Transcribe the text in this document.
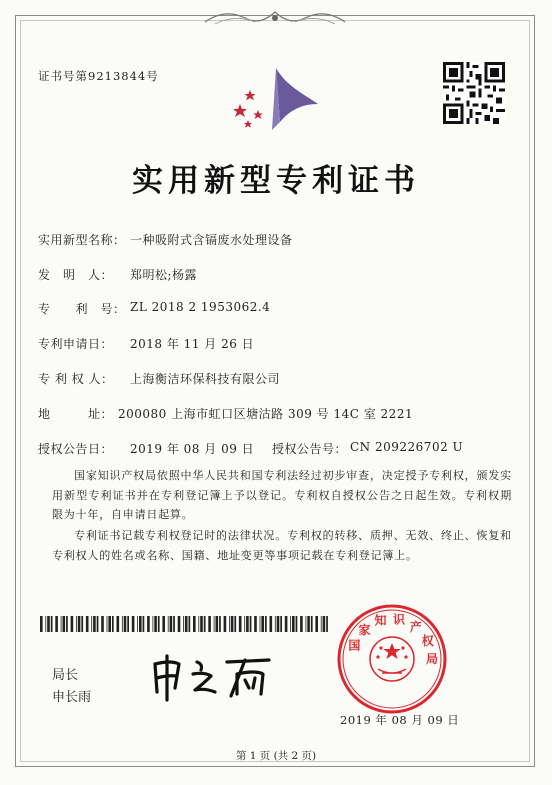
证书号第9213844号
实用新型专利证书
实用新型名称： 一种吸附式含镉废水处理设备
发　明　人： 郑明松;杨露
专　　利　号： ZL 2018 2 1953062.4
专利申请日： 2018 年 11 月 26 日
专 利 权 人： 上海衡洁环保科技有限公司
地　　　址： 200080 上海市虹口区塘沽路 309 号 14C 室 2221
授权公告日： 2019 年 08 月 09 日 授权公告号： CN 209226702 U
国家知识产权局依照中华人民共和国专利法经过初步审查，决定授予专利权，颁发实用新型专利证书并在专利登记簿上予以登记。专利权自授权公告之日起生效。专利权期限为十年，自申请日起算。
专利证书记载专利权登记时的法律状况。专利权的转移、质押、无效、终止、恢复和专利权人的姓名或名称、国籍、地址变更等事项记载在专利登记簿上。
局长
申长雨
国家知 识产权局
2019 年 08 月 09 日
第 1 页 (共 2 页)
